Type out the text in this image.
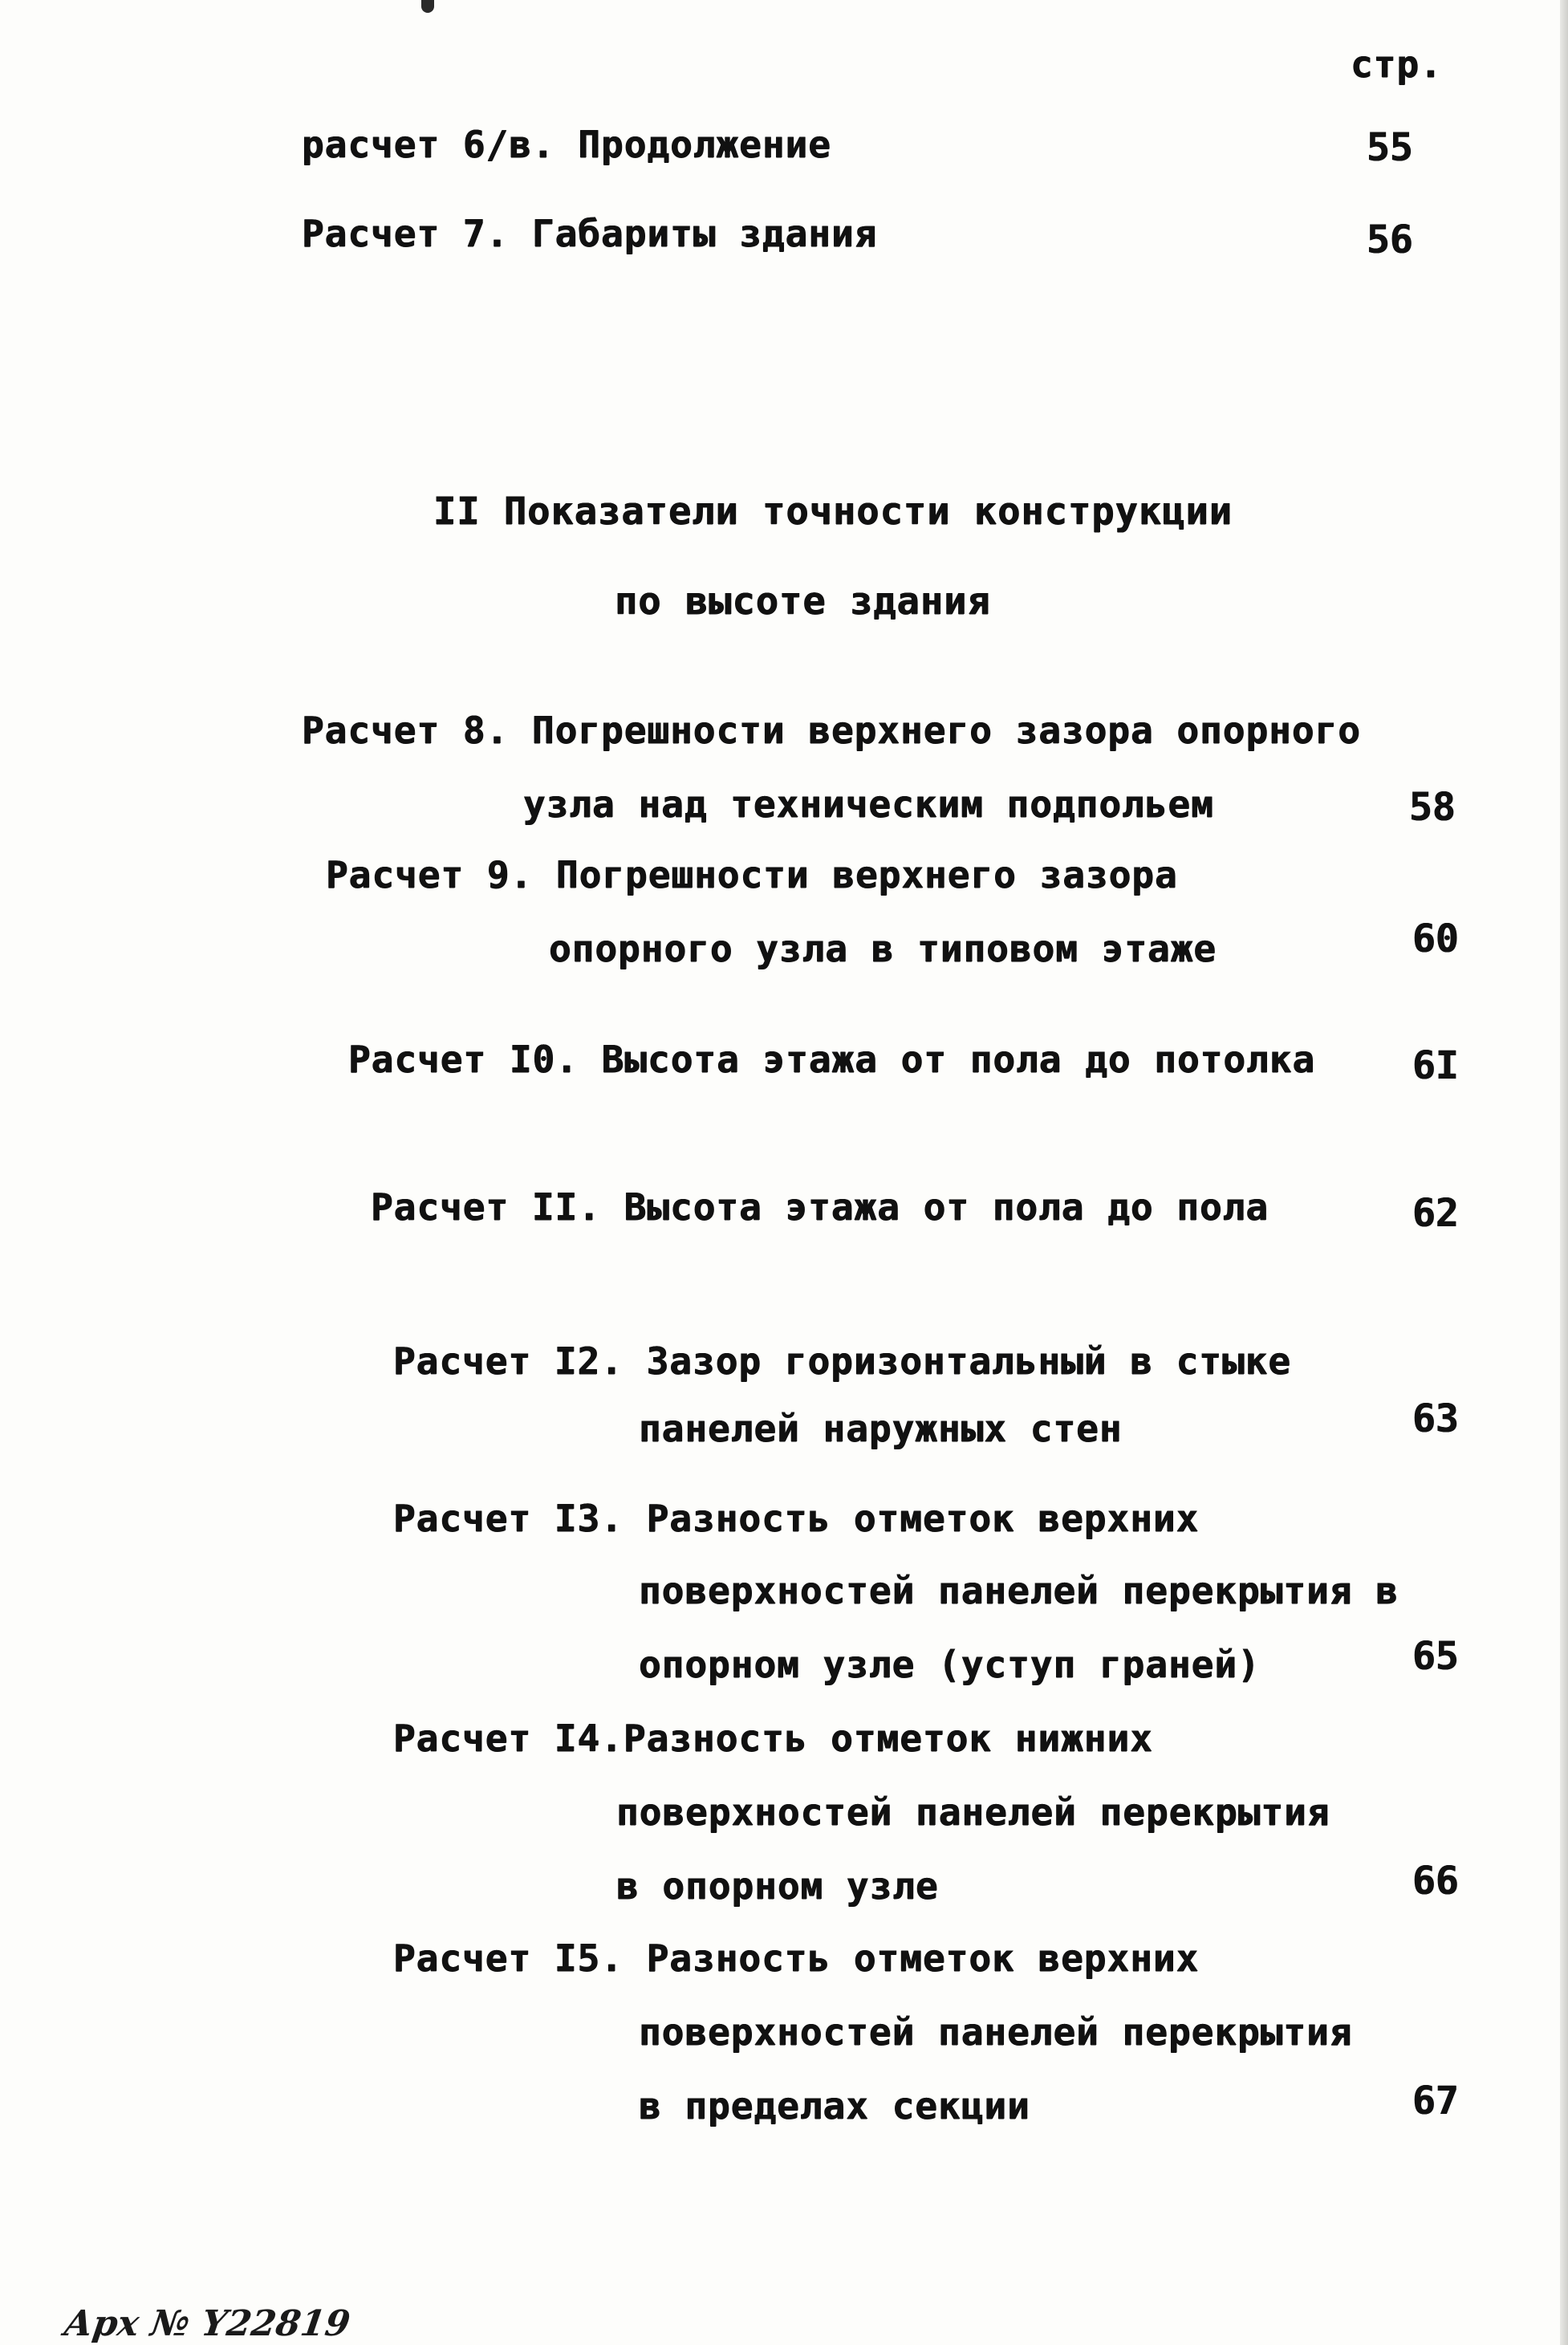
стр.
расчет 6/в. Продолжение	55
Расчет 7. Габариты здания	56
II Показатели точности конструкции
по высоте здания
Расчет 8. Погрешности верхнего зазора опорного
узла над техническим подпольем	58
Расчет 9. Погрешности верхнего зазора
опорного узла в типовом этаже	60
Расчет I0. Высота этажа от пола до потолка	6I
Расчет II. Высота этажа от пола до пола	62
Расчет I2. Зазор горизонтальный в стыке
панелей наружных стен	63
Расчет I3. Разность отметок верхних
поверхностей панелей перекрытия в
опорном узле (уступ граней)	65
Расчет I4.Разность отметок нижних
поверхностей панелей перекрытия
в опорном узле	66
Расчет I5. Разность отметок верхних
поверхностей панелей перекрытия
в пределах секции	67
Арх № Y22819
